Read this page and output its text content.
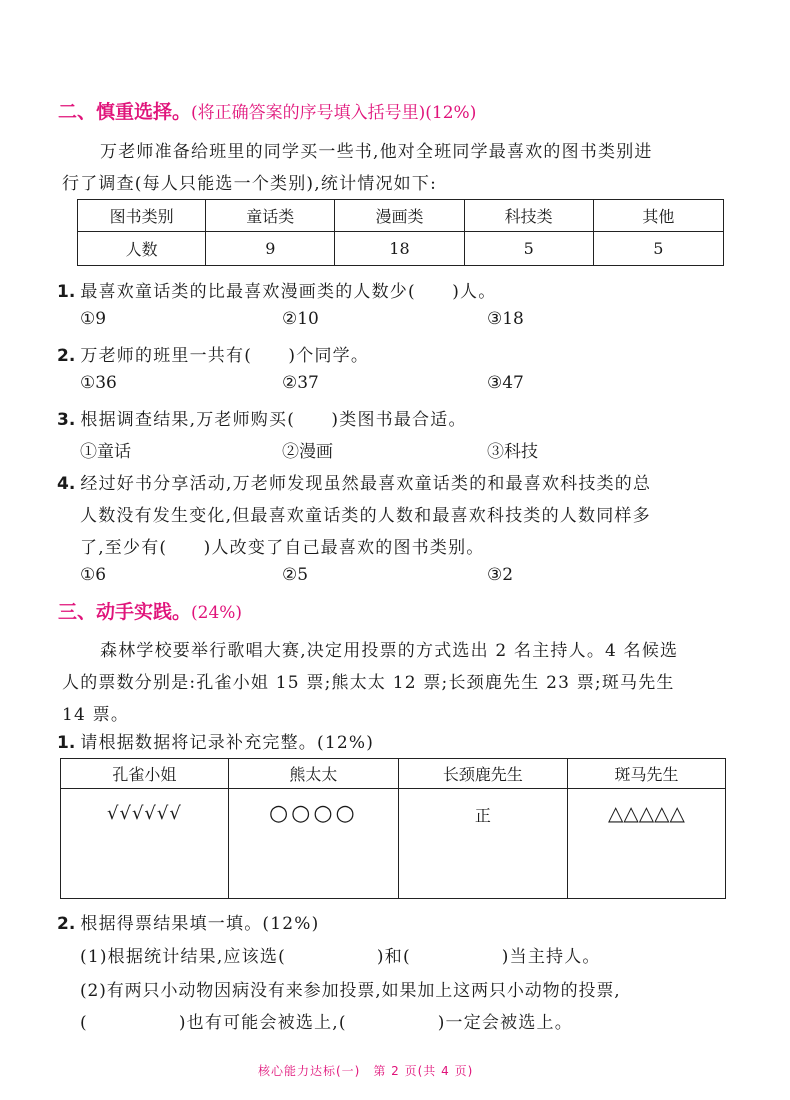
二、慎重选择。(将正确答案的序号填入括号里)(12%)
万老师准备给班里的同学买一些书,他对全班同学最喜欢的图书类别进
行了调查(每人只能选一个类别),统计情况如下:
图书类别	童话类	漫画类	科技类	其他
人数	9	18	5	5
1. 最喜欢童话类的比最喜欢漫画类的人数少(　　)人。
①9	②10	③18
2. 万老师的班里一共有(　　)个同学。
①36	②37	③47
3. 根据调查结果,万老师购买(　　)类图书最合适。
①童话	②漫画	③科技
4. 经过好书分享活动,万老师发现虽然最喜欢童话类的和最喜欢科技类的总
人数没有发生变化,但最喜欢童话类的人数和最喜欢科技类的人数同样多
了,至少有(　　)人改变了自己最喜欢的图书类别。
①6	②5	③2
三、动手实践。(24%)
森林学校要举行歌唱大赛,决定用投票的方式选出 2 名主持人。4 名候选
人的票数分别是:孔雀小姐 15 票;熊太太 12 票;长颈鹿先生 23 票;斑马先生
14 票。
1. 请根据数据将记录补充完整。(12%)
孔雀小姐	熊太太	长颈鹿先生	斑马先生
√√√√√√	○○○○	正	△△△△△
2. 根据得票结果填一填。(12%)
(1)根据统计结果,应该选(　　　　　)和(　　　　　)当主持人。
(2)有两只小动物因病没有来参加投票,如果加上这两只小动物的投票,
(　　　　　)也有可能会被选上,(　　　　　)一定会被选上。
核心能力达标(一)　第 2 页(共 4 页)
